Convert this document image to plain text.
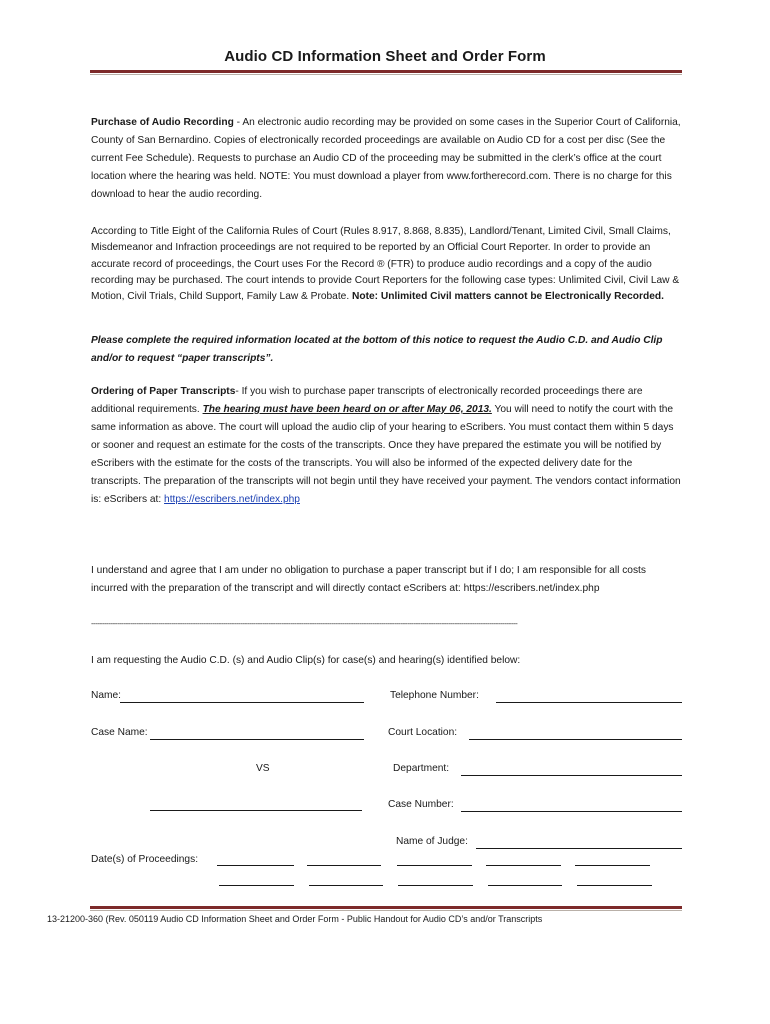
Audio CD Information Sheet and Order Form
Purchase of Audio Recording - An electronic audio recording may be provided on some cases in the Superior Court of California, County of San Bernardino. Copies of electronically recorded proceedings are available on Audio CD for a cost per disc (See the current Fee Schedule). Requests to purchase an Audio CD of the proceeding may be submitted in the clerk’s office at the court location where the hearing was held. NOTE: You must download a player from www.fortherecord.com. There is no charge for this download to hear the audio recording.
According to Title Eight of the California Rules of Court (Rules 8.917, 8.868, 8.835), Landlord/Tenant, Limited Civil, Small Claims, Misdemeanor and Infraction proceedings are not required to be reported by an Official Court Reporter. In order to provide an accurate record of proceedings, the Court uses For the Record ® (FTR) to produce audio recordings and a copy of the audio recording may be purchased. The court intends to provide Court Reporters for the following case types: Unlimited Civil, Civil Law & Motion, Civil Trials, Child Support, Family Law & Probate. Note: Unlimited Civil matters cannot be Electronically Recorded.
Please complete the required information located at the bottom of this notice to request the Audio C.D. and Audio Clip and/or to request “paper transcripts”.
Ordering of Paper Transcripts- If you wish to purchase paper transcripts of electronically recorded proceedings there are additional requirements. The hearing must have been heard on or after May 06, 2013. You will need to notify the court with the same information as above. The court will upload the audio clip of your hearing to eScribers. You must contact them within 5 days or sooner and request an estimate for the costs of the transcripts. Once they have prepared the estimate you will be notified by eScribers with the estimate for the costs of the transcripts. You will also be informed of the expected delivery date for the transcripts. The preparation of the transcripts will not begin until they have received your payment. The vendors contact information is: eScribers at: https://escribers.net/index.php
I understand and agree that I am under no obligation to purchase a paper transcript but if I do; I am responsible for all costs incurred with the preparation of the transcript and will directly contact eScribers at: https://escribers.net/index.php
-----------------------------------------------------------------------------------------------------------------------------------------------------------------------------------------------------
I am requesting the Audio C.D. (s) and Audio Clip(s) for case(s) and hearing(s) identified below:
Name:	Telephone Number:
Case Name:	Court Location:
VS	Department:
Case Number:
Name of Judge:
Date(s) of Proceedings:
13-21200-360 (Rev. 050119 Audio CD Information Sheet and Order Form - Public Handout for Audio CD’s and/or Transcripts
